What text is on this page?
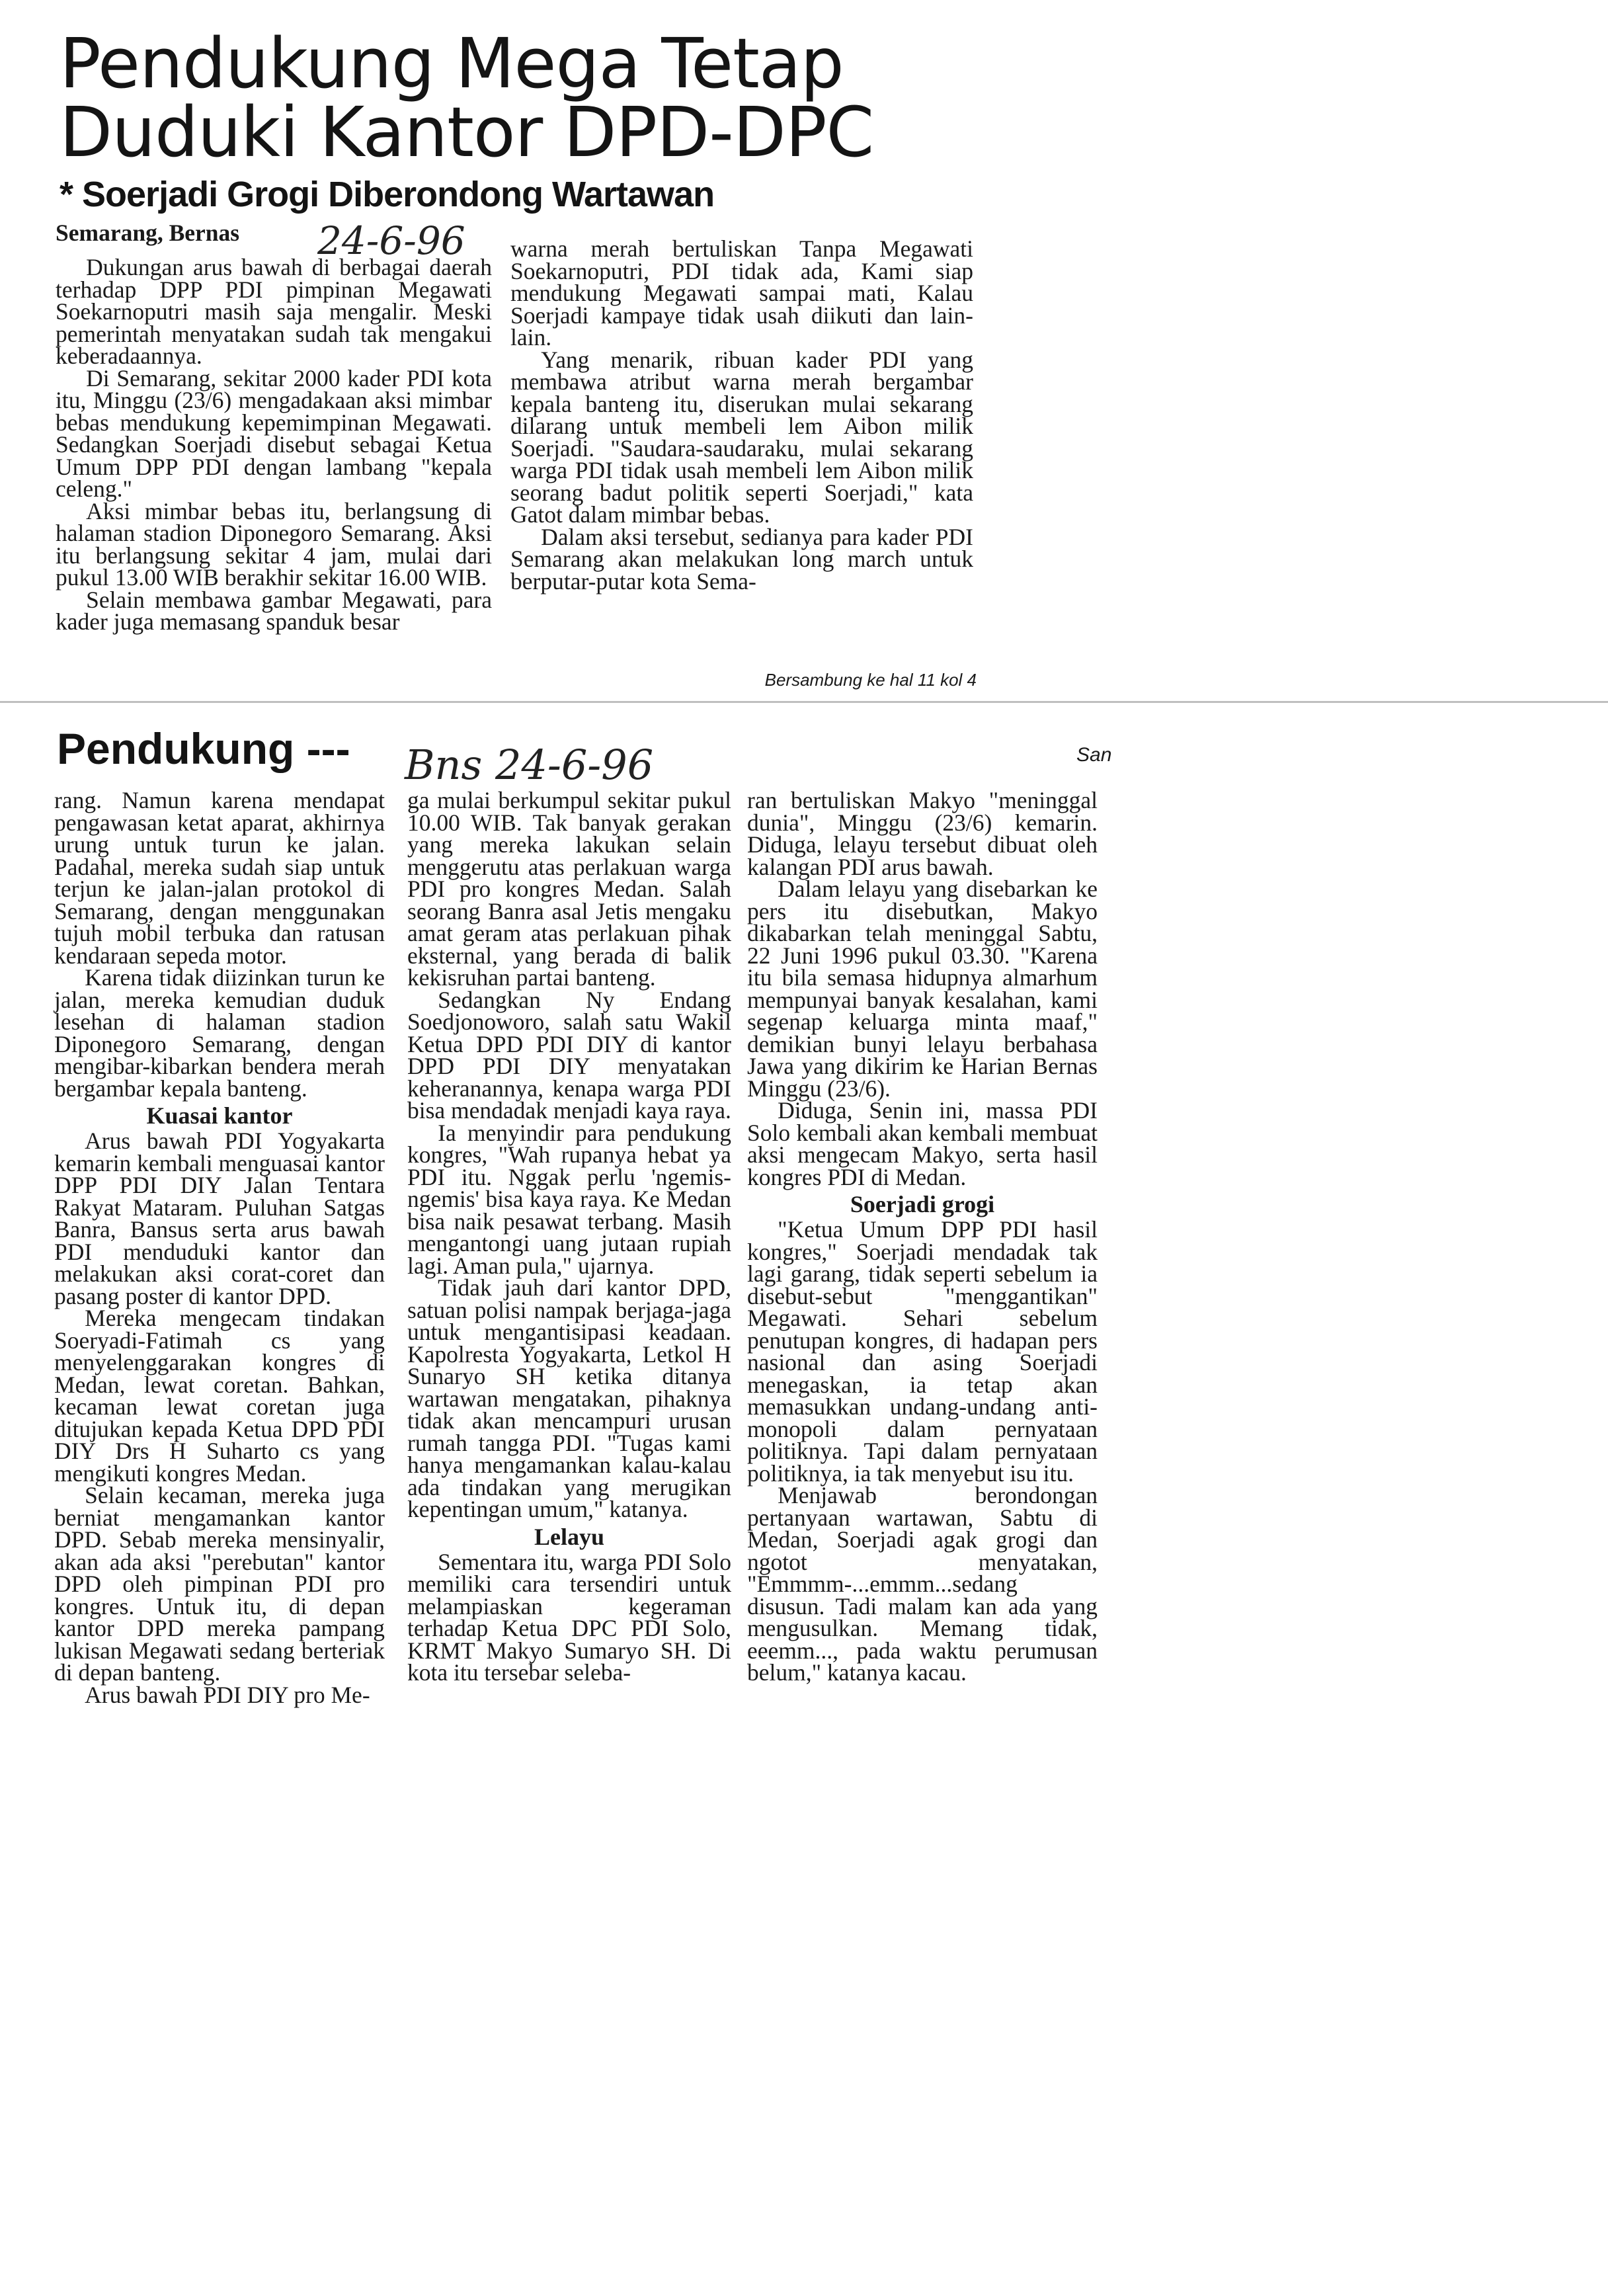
Pendukung Mega Tetap
Duduki Kantor DPD-DPC
* Soerjadi Grogi Diberondong Wartawan
24-6-96
Semarang, Bernas

Dukungan arus bawah di berbagai daerah terhadap DPP PDI pimpinan Megawati Soekarnoputri masih saja mengalir. Meski pemerintah menyatakan sudah tak mengakui keberadaannya.

Di Semarang, sekitar 2000 kader PDI kota itu, Minggu (23/6) mengadakaan aksi mimbar bebas mendukung kepemimpinan Megawati. Sedangkan Soerjadi disebut sebagai Ketua Umum DPP PDI dengan lambang "kepala celeng."

Aksi mimbar bebas itu, berlangsung di halaman stadion Diponegoro Semarang. Aksi itu berlangsung sekitar 4 jam, mulai dari pukul 13.00 WIB berakhir sekitar 16.00 WIB.

Selain membawa gambar Megawati, para kader juga memasang spanduk besar

warna merah bertuliskan Tanpa Megawati Soekarnoputri, PDI tidak ada, Kami siap mendukung Megawati sampai mati, Kalau Soerjadi kampaye tidak usah diikuti dan lain-lain.

Yang menarik, ribuan kader PDI yang membawa atribut warna merah bergambar kepala banteng itu, diserukan mulai sekarang dilarang untuk membeli lem Aibon milik Soerjadi. "Saudara-saudaraku, mulai sekarang warga PDI tidak usah membeli lem Aibon milik seorang badut politik seperti Soerjadi," kata Gatot dalam mimbar bebas.

Dalam aksi tersebut, sedianya para kader PDI Semarang akan melakukan long march untuk berputar-putar kota Sema-

Bersambung ke hal 11 kol 4
Pendukung --- Bns 24-6-96	San

rang. Namun karena mendapat pengawasan ketat aparat, akhirnya urung untuk turun ke jalan. Padahal, mereka sudah siap untuk terjun ke jalan-jalan protokol di Semarang, dengan menggunakan tujuh mobil terbuka dan ratusan kendaraan sepeda motor.

Karena tidak diizinkan turun ke jalan, mereka kemudian duduk lesehan di halaman stadion Diponegoro Semarang, dengan mengibar-kibarkan bendera merah bergambar kepala banteng.

Kuasai kantor

Arus bawah PDI Yogyakarta kemarin kembali menguasai kantor DPP PDI DIY Jalan Tentara Rakyat Mataram. Puluhan Satgas Banra, Bansus serta arus bawah PDI menduduki kantor dan melakukan aksi corat-coret dan pasang poster di kantor DPD.

Mereka mengecam tindakan Soeryadi-Fatimah cs yang menyelenggarakan kongres di Medan, lewat coretan. Bahkan, kecaman lewat coretan juga ditujukan kepada Ketua DPD PDI DIY Drs H Suharto cs yang mengikuti kongres Medan.

Selain kecaman, mereka juga berniat mengamankan kantor DPD. Sebab mereka mensinyalir, akan ada aksi "perebutan" kantor DPD oleh pimpinan PDI pro kongres. Untuk itu, di depan kantor DPD mereka pampang lukisan Megawati sedang berteriak di depan banteng.

Arus bawah PDI DIY pro Me-

ga mulai berkumpul sekitar pukul 10.00 WIB. Tak banyak gerakan yang mereka lakukan selain menggerutu atas perlakuan warga PDI pro kongres Medan. Salah seorang Banra asal Jetis mengaku amat geram atas perlakuan pihak eksternal, yang berada di balik kekisruhan partai banteng.

Sedangkan Ny Endang Soedjonoworo, salah satu Wakil Ketua DPD PDI DIY di kantor DPD PDI DIY menyatakan keheranannya, kenapa warga PDI bisa mendadak menjadi kaya raya.

Ia menyindir para pendukung kongres, "Wah rupanya hebat ya PDI itu. Nggak perlu 'ngemis-ngemis' bisa kaya raya. Ke Medan bisa naik pesawat terbang. Masih mengantongi uang jutaan rupiah lagi. Aman pula," ujarnya.

Tidak jauh dari kantor DPD, satuan polisi nampak berjaga-jaga untuk mengantisipasi keadaan. Kapolresta Yogyakarta, Letkol H Sunaryo SH ketika ditanya wartawan mengatakan, pihaknya tidak akan mencampuri urusan rumah tangga PDI. "Tugas kami hanya mengamankan kalau-kalau ada tindakan yang merugikan kepentingan umum," katanya.

Lelayu

Sementara itu, warga PDI Solo memiliki cara tersendiri untuk melampiaskan kegeraman terhadap Ketua DPC PDI Solo, KRMT Makyo Sumaryo SH. Di kota itu tersebar seleba-

ran bertuliskan Makyo "meninggal dunia", Minggu (23/6) kemarin. Diduga, lelayu tersebut dibuat oleh kalangan PDI arus bawah.

Dalam lelayu yang disebarkan ke pers itu disebutkan, Makyo dikabarkan telah meninggal Sabtu, 22 Juni 1996 pukul 03.30. "Karena itu bila semasa hidupnya almarhum mempunyai banyak kesalahan, kami segenap keluarga minta maaf," demikian bunyi lelayu berbahasa Jawa yang dikirim ke Harian Bernas Minggu (23/6).

Diduga, Senin ini, massa PDI Solo kembali akan kembali membuat aksi mengecam Makyo, serta hasil kongres PDI di Medan.

Soerjadi grogi

"Ketua Umum DPP PDI hasil kongres," Soerjadi mendadak tak lagi garang, tidak seperti sebelum ia disebut-sebut "menggantikan" Megawati. Sehari sebelum penutupan kongres, di hadapan pers nasional dan asing Soerjadi menegaskan, ia tetap akan memasukkan undang-undang anti-monopoli dalam pernyataan politiknya. Tapi dalam pernyataan politiknya, ia tak menyebut isu itu.

Menjawab berondongan pertanyaan wartawan, Sabtu di Medan, Soerjadi agak grogi dan ngotot menyatakan, "Emmmm-...emmm...sedang disusun. Tadi malam kan ada yang mengusulkan. Memang tidak, eeemm..., pada waktu perumusan belum," katanya kacau.
